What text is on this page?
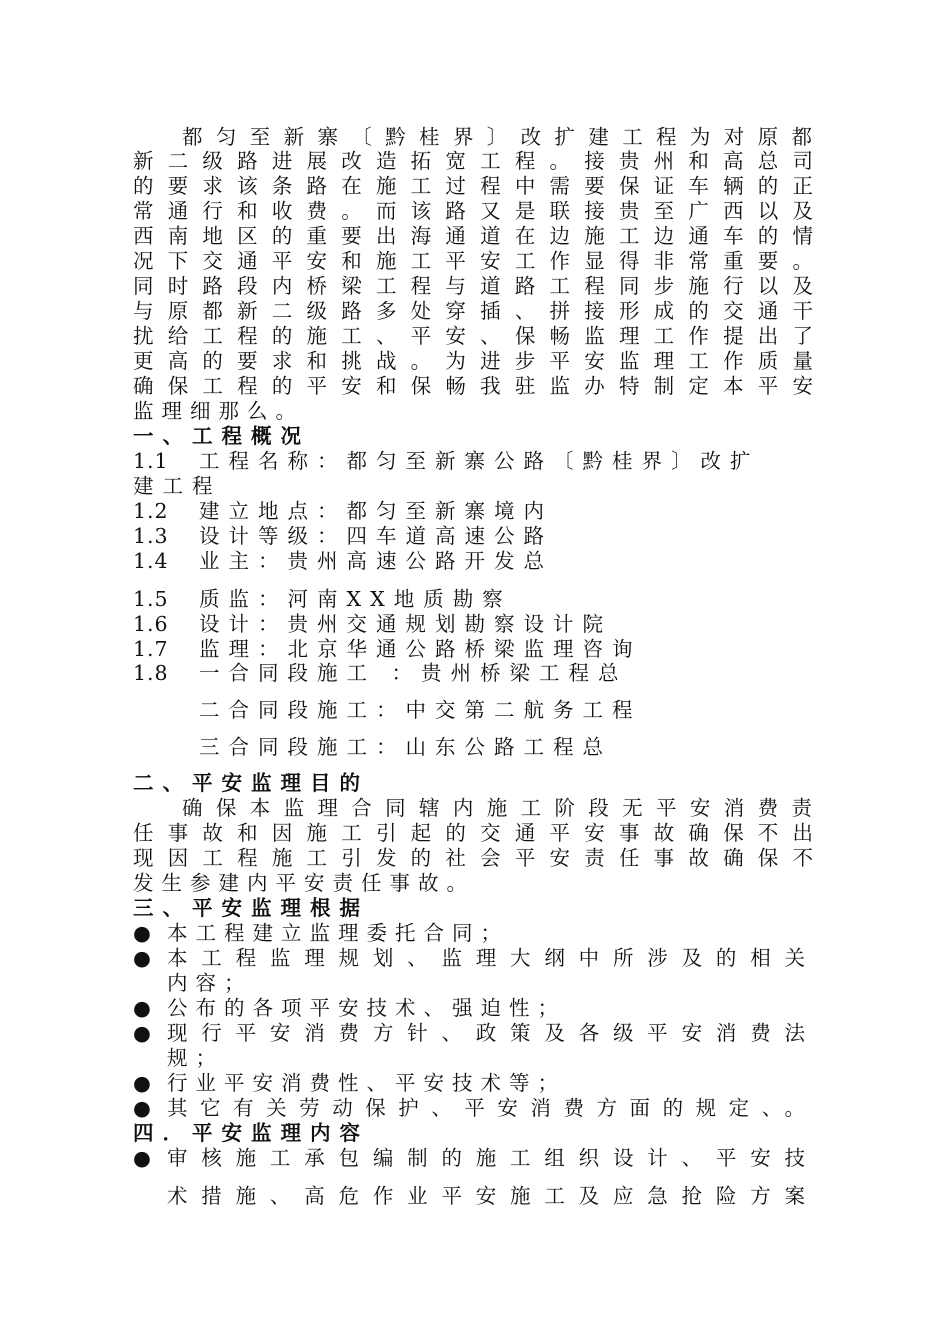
都匀至新寨〔黔桂界〕改扩建工程为对原都
新二级路进展改造拓宽工程。接贵州和高总司
的要求该条路在施工过程中需要保证车辆的正
常通行和收费。而该路又是联接贵至广西以及
西南地区的重要出海通道在边施工边通车的情
况下交通平安和施工平安工作显得非常重要。
同时路段内桥梁工程与道路工程同步施行以及
与原都新二级路多处穿插、拼接形成的交通干
扰给工程的施工、平安、保畅监理工作提出了
更高的要求和挑战。为进步平安监理工作质量
确保工程的平安和保畅我驻监办特制定本平安
监理细那么。
一、工程概况
1.1 工程名称：都匀至新寨公路〔黔桂界〕改扩
建工程
1.2 建立地点：都匀至新寨境内
1.3 设计等级：四车道高速公路
1.4 业主：贵州高速公路开发总
1.5 质监：河南XX地质勘察
1.6 设计：贵州交通规划勘察设计院
1.7 监理：北京华通公路桥梁监理咨询
1.8 一合同段施工 ：贵州桥梁工程总
二合同段施工：中交第二航务工程
三合同段施工：山东公路工程总
二、平安监理目的
确保本监理合同辖内施工阶段无平安消费责
任事故和因施工引起的交通平安事故确保不出
现因工程施工引发的社会平安责任事故确保不
发生参建内平安责任事故。
三、平安监理根据
● 本工程建立监理委托合同；
● 本工程监理规划、监理大纲中所涉及的相关
内容；
● 公布的各项平安技术、强迫性；
● 现行平安消费方针、政策及各级平安消费法
规；
● 行业平安消费性、平安技术等；
● 其它有关劳动保护、平安消费方面的规定、。
四．平安监理内容
● 审核施工承包编制的施工组织设计、平安技
术措施、高危作业平安施工及应急抢险方案
